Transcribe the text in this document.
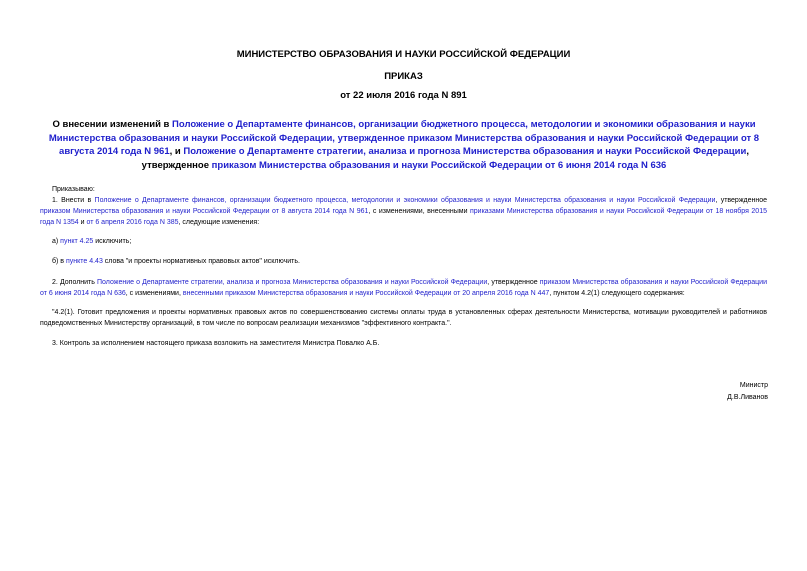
МИНИСТЕРСТВО ОБРАЗОВАНИЯ И НАУКИ РОССИЙСКОЙ ФЕДЕРАЦИИ
ПРИКАЗ
от 22 июля 2016 года N 891
О внесении изменений в Положение о Департаменте финансов, организации бюджетного процесса, методологии и экономики образования и науки Министерства образования и науки Российской Федерации, утвержденное приказом Министерства образования и науки Российской Федерации от 8 августа 2014 года N 961, и Положение о Департаменте стратегии, анализа и прогноза Министерства образования и науки Российской Федерации, утвержденное приказом Министерства образования и науки Российской Федерации от 6 июня 2014 года N 636

Приказываю:

1. Внести в Положение о Департаменте финансов, организации бюджетного процесса, методологии и экономики образования и науки Министерства образования и науки Российской Федерации, утвержденное приказом Министерства образования и науки Российской Федерации от 8 августа 2014 года N 961, с изменениями, внесенными приказами Министерства образования и науки Российской Федерации от 18 ноября 2015 года N 1354 и от 6 апреля 2016 года N 385, следующие изменения:

а) пункт 4.25 исключить;

б) в пункте 4.43 слова "и проекты нормативных правовых актов" исключить.

2. Дополнить Положение о Департаменте стратегии, анализа и прогноза Министерства образования и науки Российской Федерации, утвержденное приказом Министерства образования и науки Российской Федерации от 6 июня 2014 года N 636, с изменениями, внесенными приказом Министерства образования и науки Российской Федерации от 20 апреля 2016 года N 447, пунктом 4.2(1) следующего содержания:

"4.2(1). Готовит предложения и проекты нормативных правовых актов по совершенствованию системы оплаты труда в установленных сферах деятельности Министерства, мотивации руководителей и работников подведомственных Министерству организаций, в том числе по вопросам реализации механизмов "эффективного контракта.".

3. Контроль за исполнением настоящего приказа возложить на заместителя Министра Повалко А.Б.

Министр
Д.В.Ливанов
